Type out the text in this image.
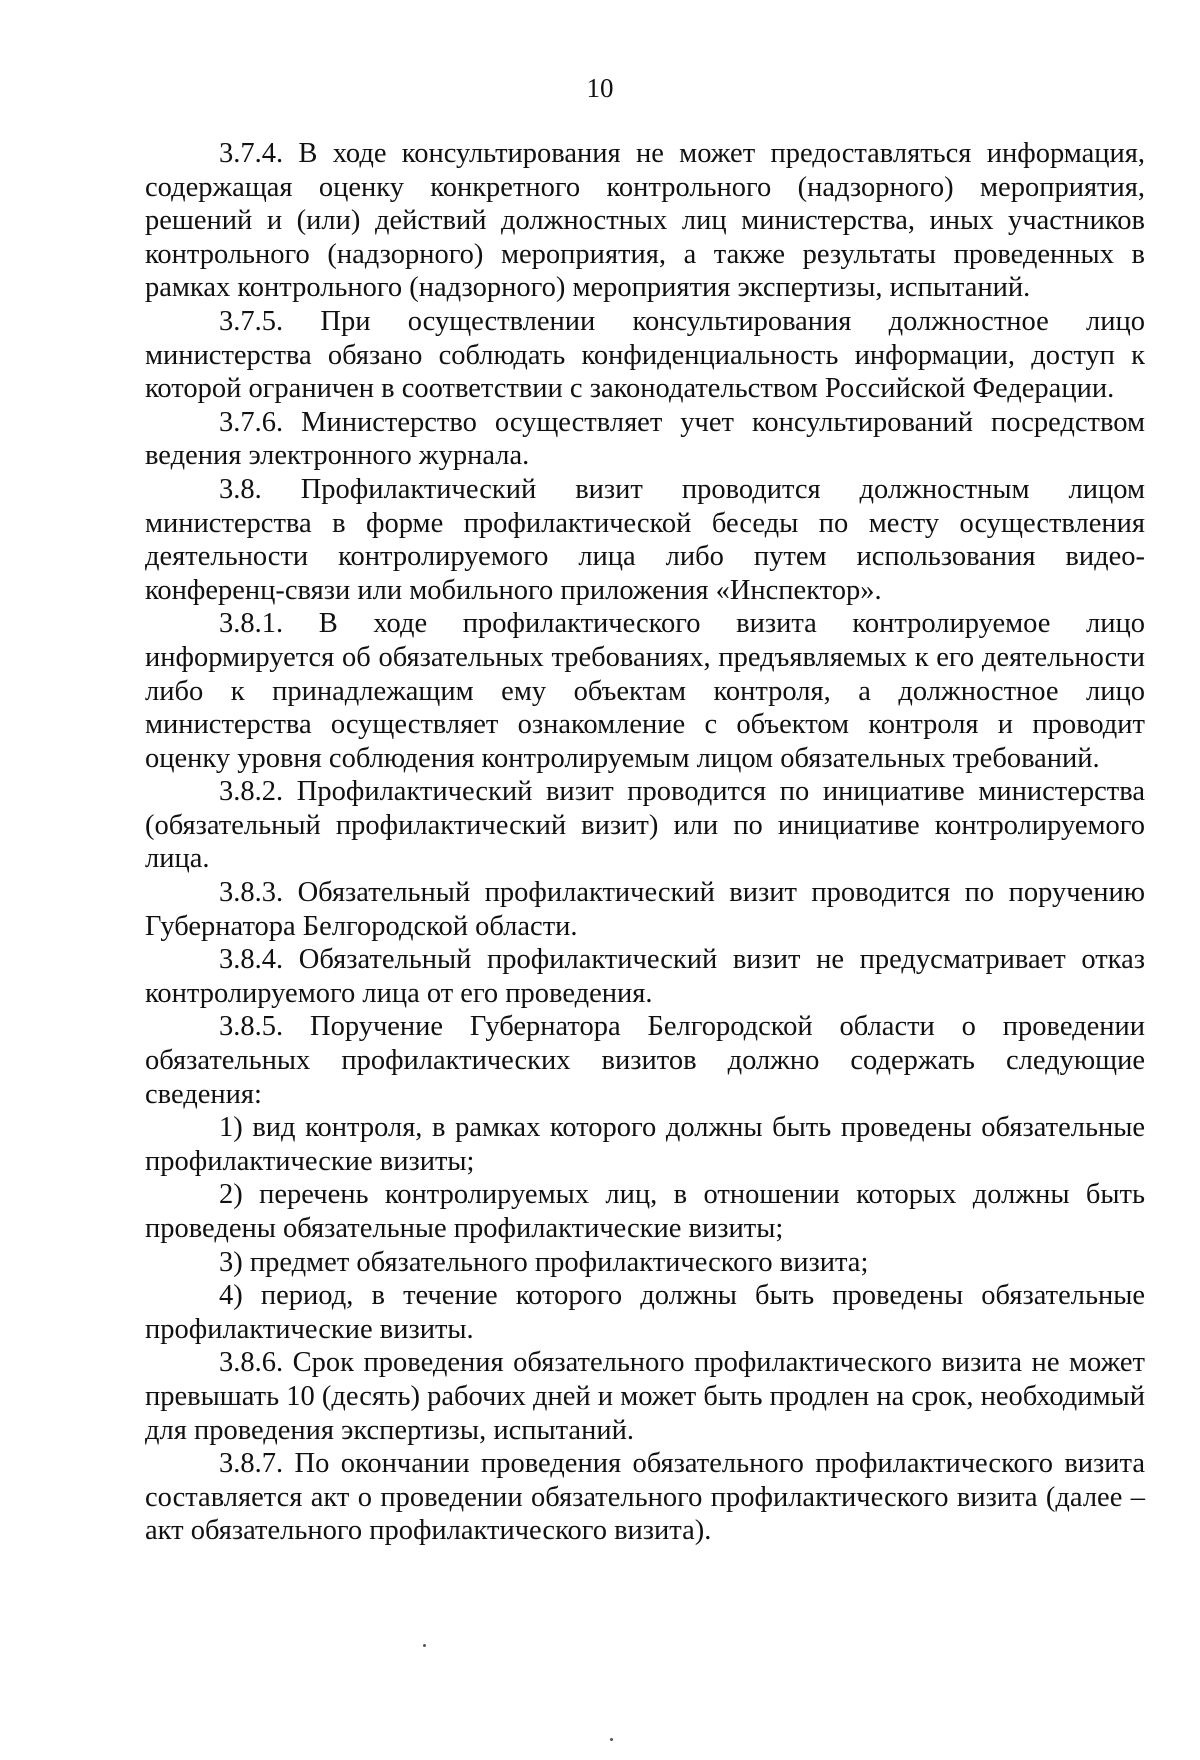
10

3.7.4. В ходе консультирования не может предоставляться информация, содержащая оценку конкретного контрольного (надзорного) мероприятия, решений и (или) действий должностных лиц министерства, иных участников контрольного (надзорного) мероприятия, а также результаты проведенных в рамках контрольного (надзорного) мероприятия экспертизы, испытаний.

3.7.5. При осуществлении консультирования должностное лицо министерства обязано соблюдать конфиденциальность информации, доступ к которой ограничен в соответствии с законодательством Российской Федерации.

3.7.6. Министерство осуществляет учет консультирований посредством ведения электронного журнала.

3.8. Профилактический визит проводится должностным лицом министерства в форме профилактической беседы по месту осуществления деятельности контролируемого лица либо путем использования видео-конференц-связи или мобильного приложения «Инспектор».

3.8.1. В ходе профилактического визита контролируемое лицо информируется об обязательных требованиях, предъявляемых к его деятельности либо к принадлежащим ему объектам контроля, а должностное лицо министерства осуществляет ознакомление с объектом контроля и проводит оценку уровня соблюдения контролируемым лицом обязательных требований.

3.8.2. Профилактический визит проводится по инициативе министерства (обязательный профилактический визит) или по инициативе контролируемого лица.

3.8.3. Обязательный профилактический визит проводится по поручению Губернатора Белгородской области.

3.8.4. Обязательный профилактический визит не предусматривает отказ контролируемого лица от его проведения.

3.8.5. Поручение Губернатора Белгородской области о проведении обязательных профилактических визитов должно содержать следующие сведения:

1) вид контроля, в рамках которого должны быть проведены обязательные профилактические визиты;

2) перечень контролируемых лиц, в отношении которых должны быть проведены обязательные профилактические визиты;

3) предмет обязательного профилактического визита;

4) период, в течение которого должны быть проведены обязательные профилактические визиты.

3.8.6. Срок проведения обязательного профилактического визита не может превышать 10 (десять) рабочих дней и может быть продлен на срок, необходимый для проведения экспертизы, испытаний.

3.8.7. По окончании проведения обязательного профилактического визита составляется акт о проведении обязательного профилактического визита (далее – акт обязательного профилактического визита).
